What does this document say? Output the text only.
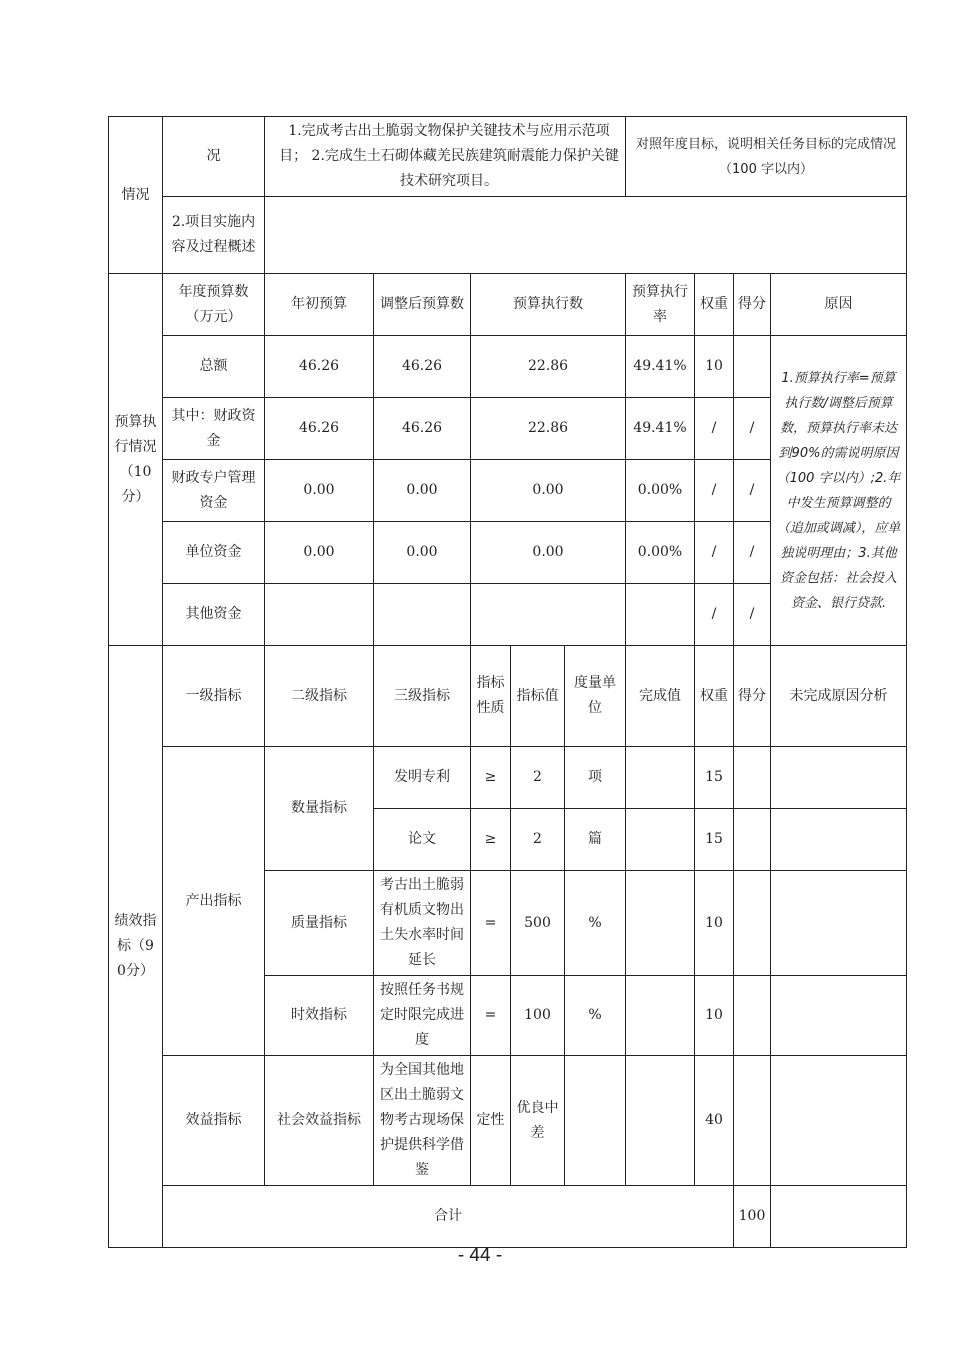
情况	况	1.完成考古出土脆弱文物保护关键技术与应用示范项目； 2.完成生土石砌体藏羌民族建筑耐震能力保护关键技术研究项目。					对照年度目标，说明相关任务目标的完成情况（100 字以内）				
	2.项目实施内容及过程概述										
预算执行情况（10分）	年度预算数（万元）	年初预算	调整后预算数	预算执行数			预算执行率	权重	得分	原因	
	总额	46.26	46.26	22.86			49.41%	10		1.预算执行率=预算执行数/调整后预算数，预算执行率未达到90%的需说明原因（100 字以内）;2.年中发生预算调整的（追加或调减），应单独说明理由；3.其他资金包括：社会投入资金、银行贷款.	
	其中：财政资金	46.26	46.26	22.86			49.41%	/	/		
	财政专户管理资金	0.00	0.00	0.00			0.00%	/	/		
	单位资金	0.00	0.00	0.00			0.00%	/	/		
	其他资金							/	/		
绩效指标（90分）	一级指标	二级指标	三级指标	指标性质	指标值	度量单位	完成值	权重	得分	未完成原因分析	
	产出指标	数量指标	发明专利	≥	2	项		15			
			论文	≥	2	篇		15			
		质量指标	考古出土脆弱有机质文物出土失水率时间延长	=	500	%		10			
		时效指标	按照任务书规定时限完成进度	=	100	%		10			
	效益指标	社会效益指标	为全国其他地区出土脆弱文物考古现场保护提供科学借鉴	定性	优良中差			40			
	合计								100		
- 44 -
